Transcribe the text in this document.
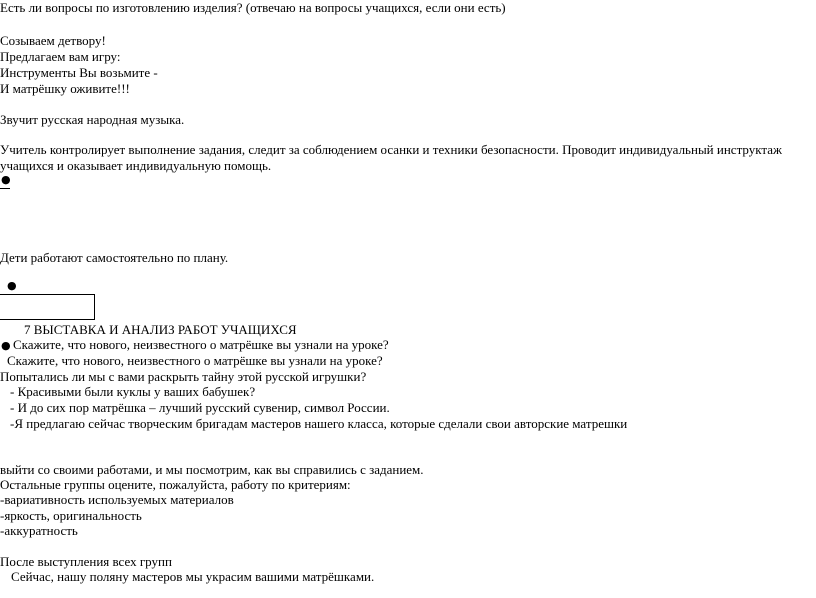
Есть ли вопросы по изготовлению изделия? (отвечаю на вопросы учащихся, если они есть)
Созываем детвору!
Предлагаем вам игру:
Инструменты Вы возьмите -
И матрёшку оживите!!!
Звучит русская народная музыка.
Учитель контролирует выполнение задания, следит за соблюдением осанки и техники безопасности. Проводит индивидуальный инструктаж
учащихся и оказывает индивидуальную помощь.
●
Дети работают самостоятельно по плану.
●
7 ВЫСТАВКА И АНАЛИЗ РАБОТ УЧАЩИХСЯ
● Скажите, что нового, неизвестного о матрёшке вы узнали на уроке?
Скажите, что нового, неизвестного о матрёшке вы узнали на уроке?
Попытались ли мы с вами раскрыть тайну этой русской игрушки?
- Красивыми были куклы у ваших бабушек?
- И до сих пор матрёшка – лучший русский сувенир, символ России.
-Я предлагаю сейчас творческим бригадам мастеров нашего класса, которые сделали свои авторские матрешки
выйти со своими работами, и мы посмотрим, как вы справились с заданием.
Остальные группы оцените, пожалуйста, работу по критериям:
-вариативность используемых материалов
-яркость, оригинальность
-аккуратность
После выступления всех групп
Сейчас, нашу поляну мастеров мы украсим вашими матрёшками.
